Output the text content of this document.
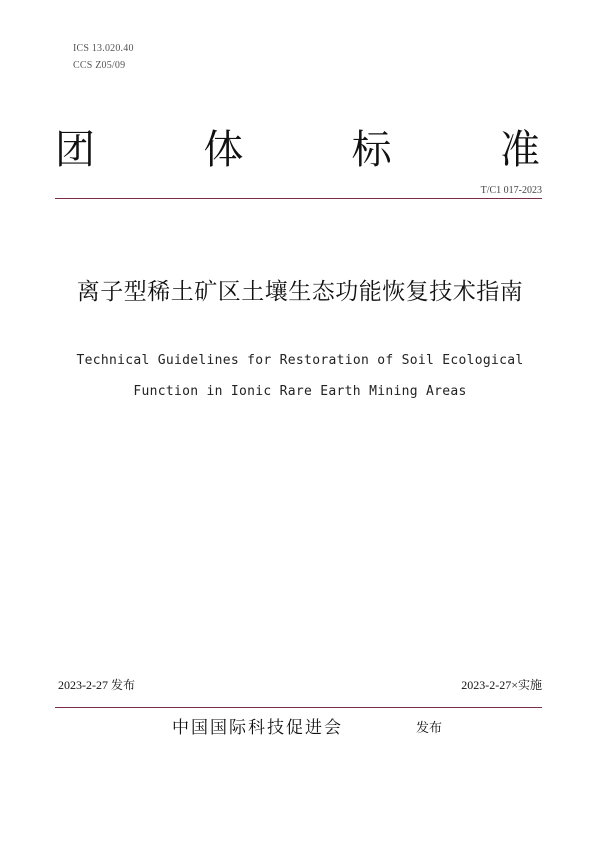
ICS 13.020.40
CCS Z05/09
团	体	标	准
T/C1 017-2023
离子型稀土矿区土壤生态功能恢复技术指南
Technical Guidelines for Restoration of Soil Ecological
Function in Ionic Rare Earth Mining Areas
2023-2-27 发布	2023-2-27×实施
中国国际科技促进会	发布
